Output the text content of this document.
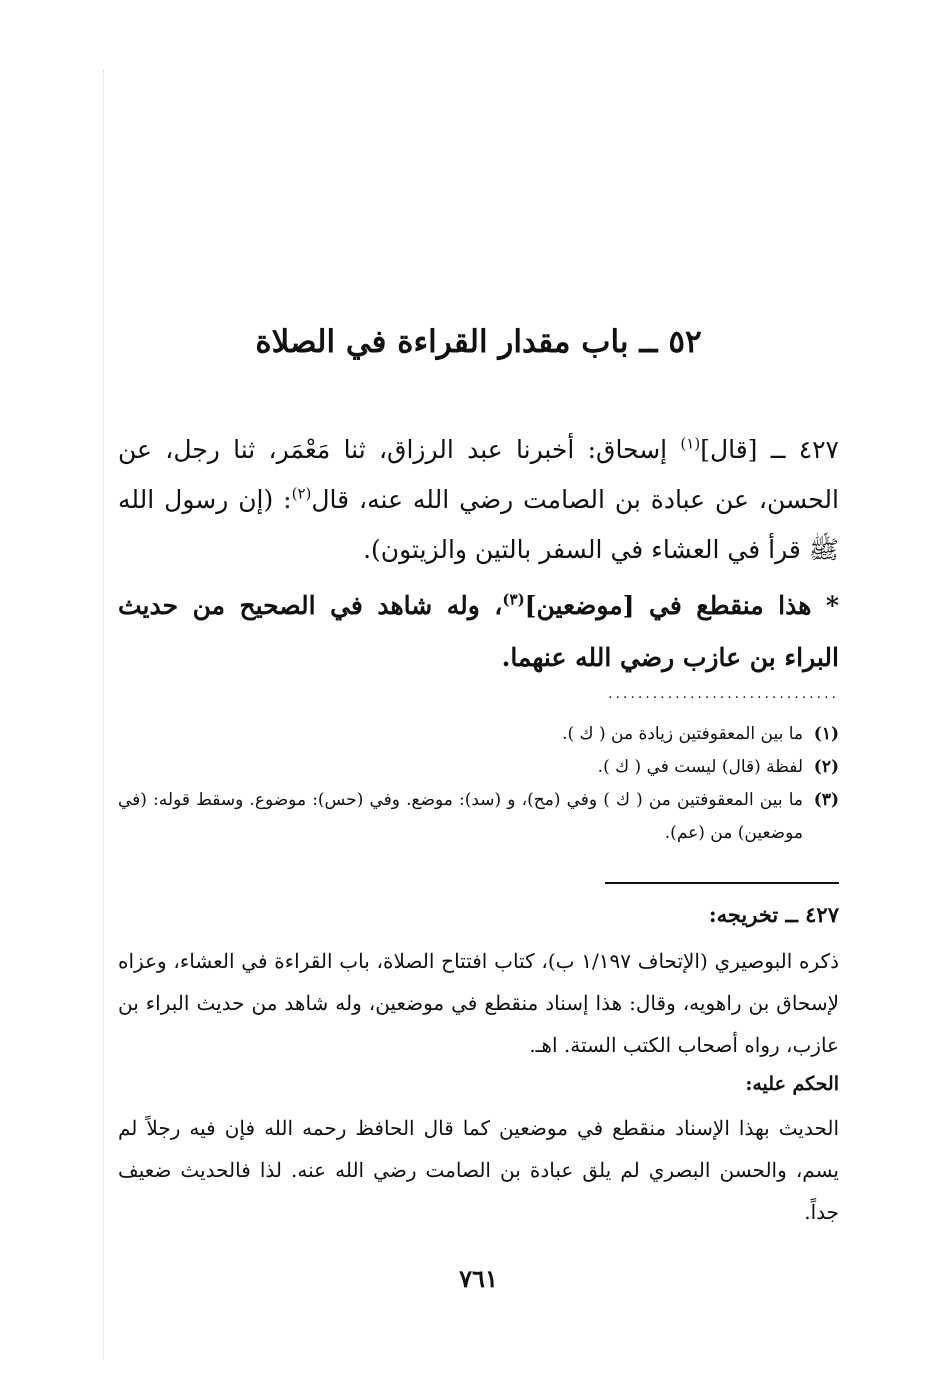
٥٢ ــ باب مقدار القراءة في الصلاة
٤٢٧ ــ [قال]$^{(١)}$ إسحاق: أخبرنا عبد الرزاق، ثنا مَعْمَر، ثنا رجل، عن الحسن، عن عبادة بن الصامت رضي الله عنه، قال$^{(٢)}$: (إن رسول الله ﷺ قرأ في العشاء في السفر بالتين والزيتون).
* هذا منقطع في [موضعين]$^{(٣)}$، وله شاهد في الصحيح من حديث البراء بن عازب رضي الله عنهما.
...............................
(١)
ما بين المعقوفتين زيادة من ( ك ).
(٢)
لفظة (قال) ليست في ( ك ).
(٣)
ما بين المعقوفتين من ( ك ) وفي (مح)، و (سد): موضع. وفي (حس): موضوع. وسقط قوله: (في موضعين) من (عم).
٤٢٧ ــ تخريجه:
ذكره البوصيري (الإتحاف ١/١٩٧ ب)، كتاب افتتاح الصلاة، باب القراءة في العشاء، وعزاه لإسحاق بن راهويه، وقال: هذا إسناد منقطع في موضعين، وله شاهد من حديث البراء بن عازب، رواه أصحاب الكتب الستة. اهـ.
الحكم عليه:
الحديث بهذا الإسناد منقطع في موضعين كما قال الحافظ رحمه الله فإن فيه رجلاً لم يسم، والحسن البصري لم يلق عبادة بن الصامت رضي الله عنه. لذا فالحديث ضعيف جداً.
٧٦١
